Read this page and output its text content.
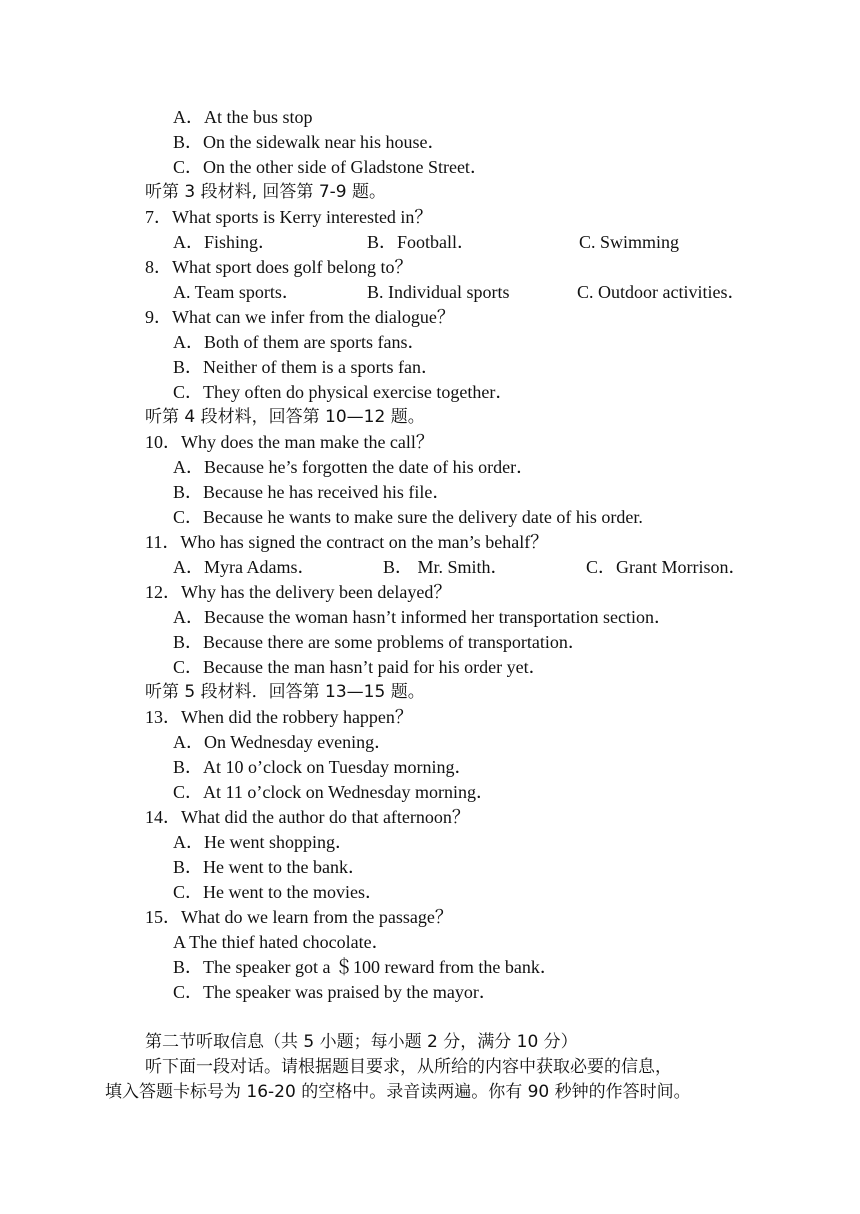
A．At the bus stop
B．On the sidewalk near his house．
C．On the other side of Gladstone Street．
听第 3 段材料, 回答第 7-9 题。
7．What sports is Kerry interested in？
A．Fishing．	B．Football．	C. Swimming
8．What sport does golf belong to？
A. Team sports．	B. Individual sports	C. Outdoor activities．
9．What can we infer from the dialogue？
A．Both of them are sports fans．
B．Neither of them is a sports fan．
C．They often do physical exercise together．
听第 4 段材料，回答第 10—12 题。
10．Why does the man make the call？
A．Because he’s forgotten the date of his order．
B．Because he has received his file．
C．Because he wants to make sure the delivery date of his order.
11．Who has signed the contract on the man’s behalf？
A．Myra Adams．	B． Mr. Smith．	C．Grant Morrison．
12．Why has the delivery been delayed？
A．Because the woman hasn’t informed her transportation section．
B．Because there are some problems of transportation．
C．Because the man hasn’t paid for his order yet．
听第 5 段材料．回答第 13—15 题。
13．When did the robbery happen？
A．On Wednesday evening．
B．At 10 o’clock on Tuesday morning．
C．At 11 o’clock on Wednesday morning．
14．What did the author do that afternoon？
A．He went shopping．
B．He went to the bank．
C．He went to the movies．
15．What do we learn from the passage？
A The thief hated chocolate．
B．The speaker got a ＄100 reward from the bank．
C．The speaker was praised by the mayor．
第二节听取信息（共 5 小题；每小题 2 分，满分 10 分）
听下面一段对话。请根据题目要求，从所给的内容中获取必要的信息，
填入答题卡标号为 16-20 的空格中。录音读两遍。你有 90 秒钟的作答时间。
